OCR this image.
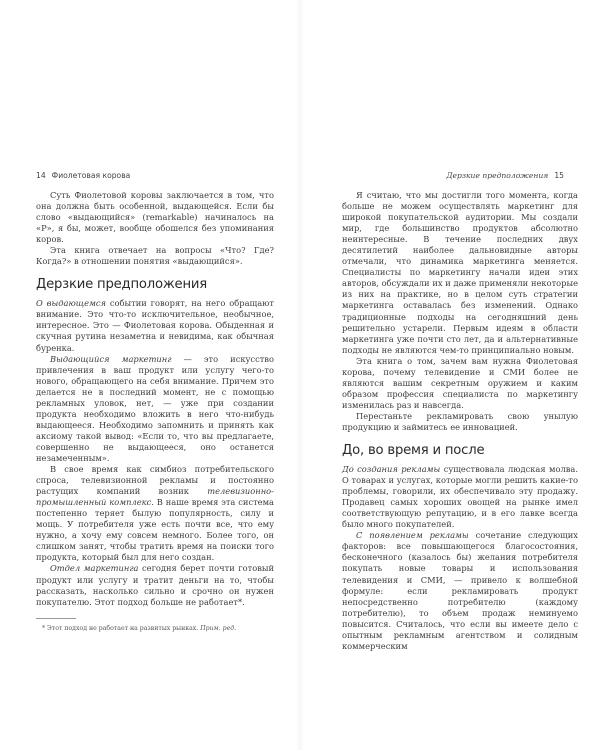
14 Фиолетовая корова

Суть Фиолетовой коровы заключается в том, что она должна быть особенной, выдающейся. Если бы слово «выдающийся» (remarkable) начиналось на «Р», я бы, может, вообще обошелся без упоминания коров.

Эта книга отвечает на вопросы «Что? Где? Когда?» в отношении понятия «выдающийся».

Дерзкие предположения

О выдающемся событии говорят, на него обращают внимание. Это что-то исключительное, необычное, интересное. Это — Фиолетовая корова. Обыденная и скучная рутина незаметна и невидима, как обычная буренка.

Выдающийся маркетинг — это искусство привлечения в ваш продукт или услугу чего-то нового, обращающего на себя внимание. Причем это делается не в последний момент, не с помощью рекламных уловок, нет, — уже при создании продукта необходимо вложить в него что-нибудь выдающееся. Необходимо запомнить и принять как аксиому такой вывод: «Если то, что вы предлагаете, совершенно не выдающееся, оно останется незамеченным».

В свое время как симбиоз потребительского спроса, телевизионной рекламы и постоянно растущих компаний возник телевизионно-промышленный комплекс. В наше время эта система постепенно теряет былую популярность, силу и мощь. У потребителя уже есть почти все, что ему нужно, а хочу ему совсем немного. Более того, он слишком занят, чтобы тратить время на поиски того продукта, который был для него создан.

Отдел маркетинга сегодня берет почти готовый продукт или услугу и тратит деньги на то, чтобы рассказать, насколько сильно и срочно он нужен покупателю. Этот подход больше не работает*.

* Этот подход не работает на развитых рынках. Прим. ред.

Дерзкие предположения 15

Я считаю, что мы достигли того момента, когда больше не можем осуществлять маркетинг для широкой покупательской аудитории. Мы создали мир, где большинство продуктов абсолютно неинтересные. В течение последних двух десятилетий наиболее дальновидные авторы отмечали, что динамика маркетинга меняется. Специалисты по маркетингу начали идеи этих авторов, обсуждали их и даже применяли некоторые из них на практике, но в целом суть стратегии маркетинга оставалась без изменений. Однако традиционные подходы на сегодняшний день решительно устарели. Первым идеям в области маркетинга уже почти сто лет, да и альтернативные подходы не являются чем-то принципиально новым.

Эта книга о том, зачем вам нужна Фиолетовая корова, почему телевидение и СМИ более не являются вашим секретным оружием и каким образом профессия специалиста по маркетингу изменилась раз и навсегда.

Перестаньте рекламировать свою унылую продукцию и займитесь ее инновацией.

До, во время и после

До создания рекламы существовала людская молва. О товарах и услугах, которые могли решить какие-то проблемы, говорили, их обеспечивало эту продажу. Продавец самых хороших овощей на рынке имел соответствующую репутацию, и в его лавке всегда было много покупателей.

С появлением рекламы сочетание следующих факторов: все повышающегося благосостояния, бесконечного (казалось бы) желания потребителя покупать новые товары и использования телевидения и СМИ, — привело к волшебной формуле: если рекламировать продукт непосредственно потребителю (каждому потребителю), то объем продаж неминуемо повысится. Считалось, что если вы имеете дело с опытным рекламным агентством и солидным коммерческим
